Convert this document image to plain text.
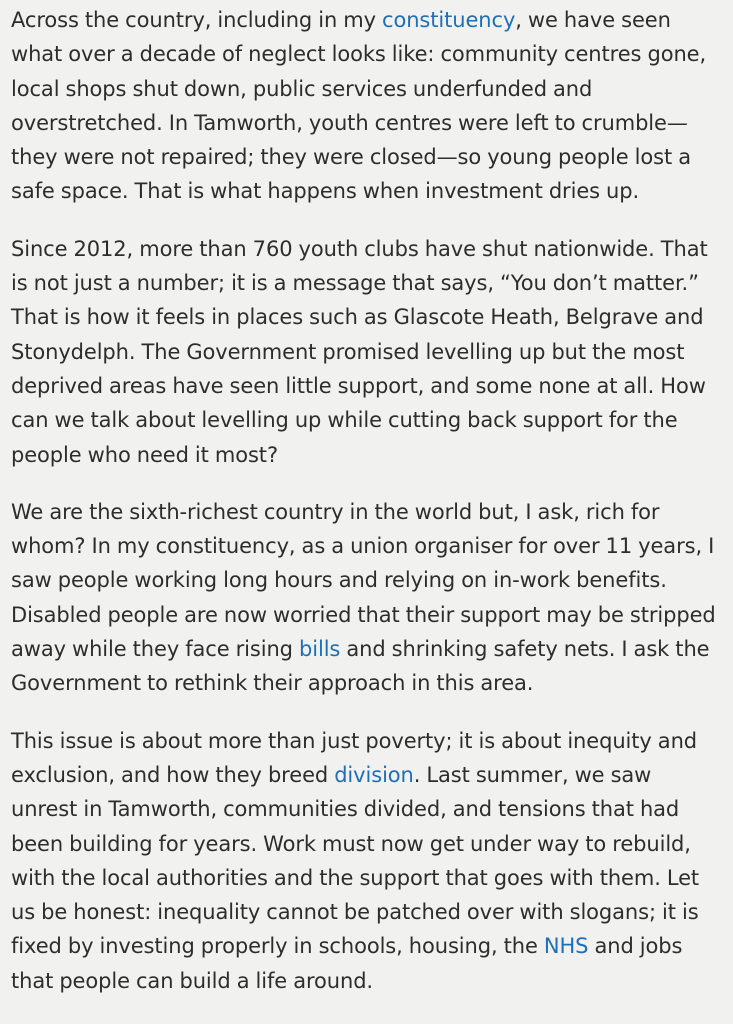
Across the country, including in my constituency, we have seen what over a decade of neglect looks like: community centres gone, local shops shut down, public services underfunded and overstretched. In Tamworth, youth centres were left to crumble—they were not repaired; they were closed—so young people lost a safe space. That is what happens when investment dries up.

Since 2012, more than 760 youth clubs have shut nationwide. That is not just a number; it is a message that says, “You don’t matter.” That is how it feels in places such as Glascote Heath, Belgrave and Stonydelph. The Government promised levelling up but the most deprived areas have seen little support, and some none at all. How can we talk about levelling up while cutting back support for the people who need it most?

We are the sixth-richest country in the world but, I ask, rich for whom? In my constituency, as a union organiser for over 11 years, I saw people working long hours and relying on in-work benefits. Disabled people are now worried that their support may be stripped away while they face rising bills and shrinking safety nets. I ask the Government to rethink their approach in this area.

This issue is about more than just poverty; it is about inequity and exclusion, and how they breed division. Last summer, we saw unrest in Tamworth, communities divided, and tensions that had been building for years. Work must now get under way to rebuild, with the local authorities and the support that goes with them. Let us be honest: inequality cannot be patched over with slogans; it is fixed by investing properly in schools, housing, the NHS and jobs that people can build a life around.
